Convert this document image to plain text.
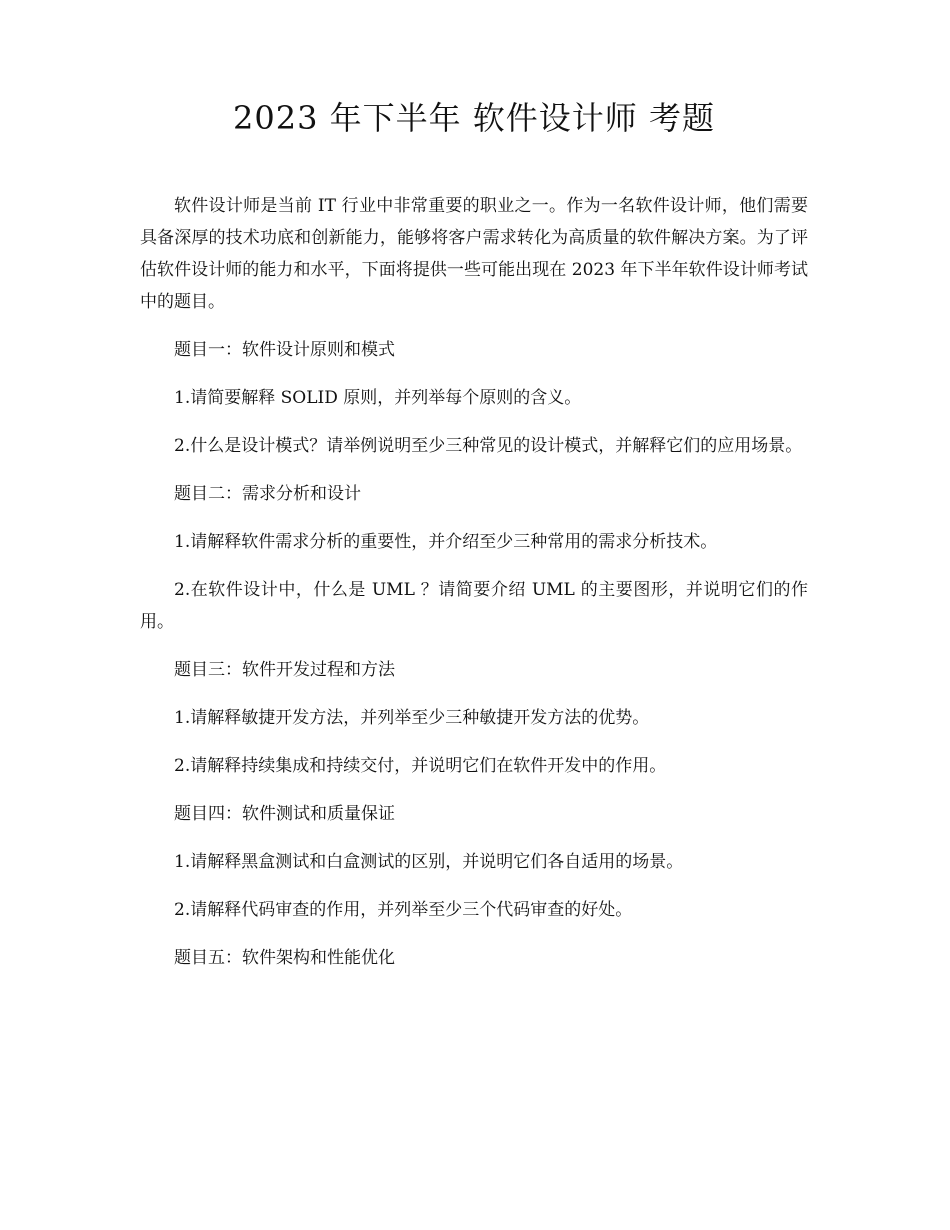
2023 年下半年 软件设计师 考题

软件设计师是当前 IT 行业中非常重要的职业之一。作为一名软件设计师，他们需要具备深厚的技术功底和创新能力，能够将客户需求转化为高质量的软件解决方案。为了评估软件设计师的能力和水平，下面将提供一些可能出现在 2023 年下半年软件设计师考试中的题目。

题目一：软件设计原则和模式

1.请简要解释 SOLID 原则，并列举每个原则的含义。

2.什么是设计模式？请举例说明至少三种常见的设计模式，并解释它们的应用场景。

题目二：需求分析和设计

1.请解释软件需求分析的重要性，并介绍至少三种常用的需求分析技术。

2.在软件设计中，什么是 UML ？请简要介绍 UML 的主要图形，并说明它们的作用。

题目三：软件开发过程和方法

1.请解释敏捷开发方法，并列举至少三种敏捷开发方法的优势。

2.请解释持续集成和持续交付，并说明它们在软件开发中的作用。

题目四：软件测试和质量保证

1.请解释黑盒测试和白盒测试的区别，并说明它们各自适用的场景。

2.请解释代码审查的作用，并列举至少三个代码审查的好处。

题目五：软件架构和性能优化
